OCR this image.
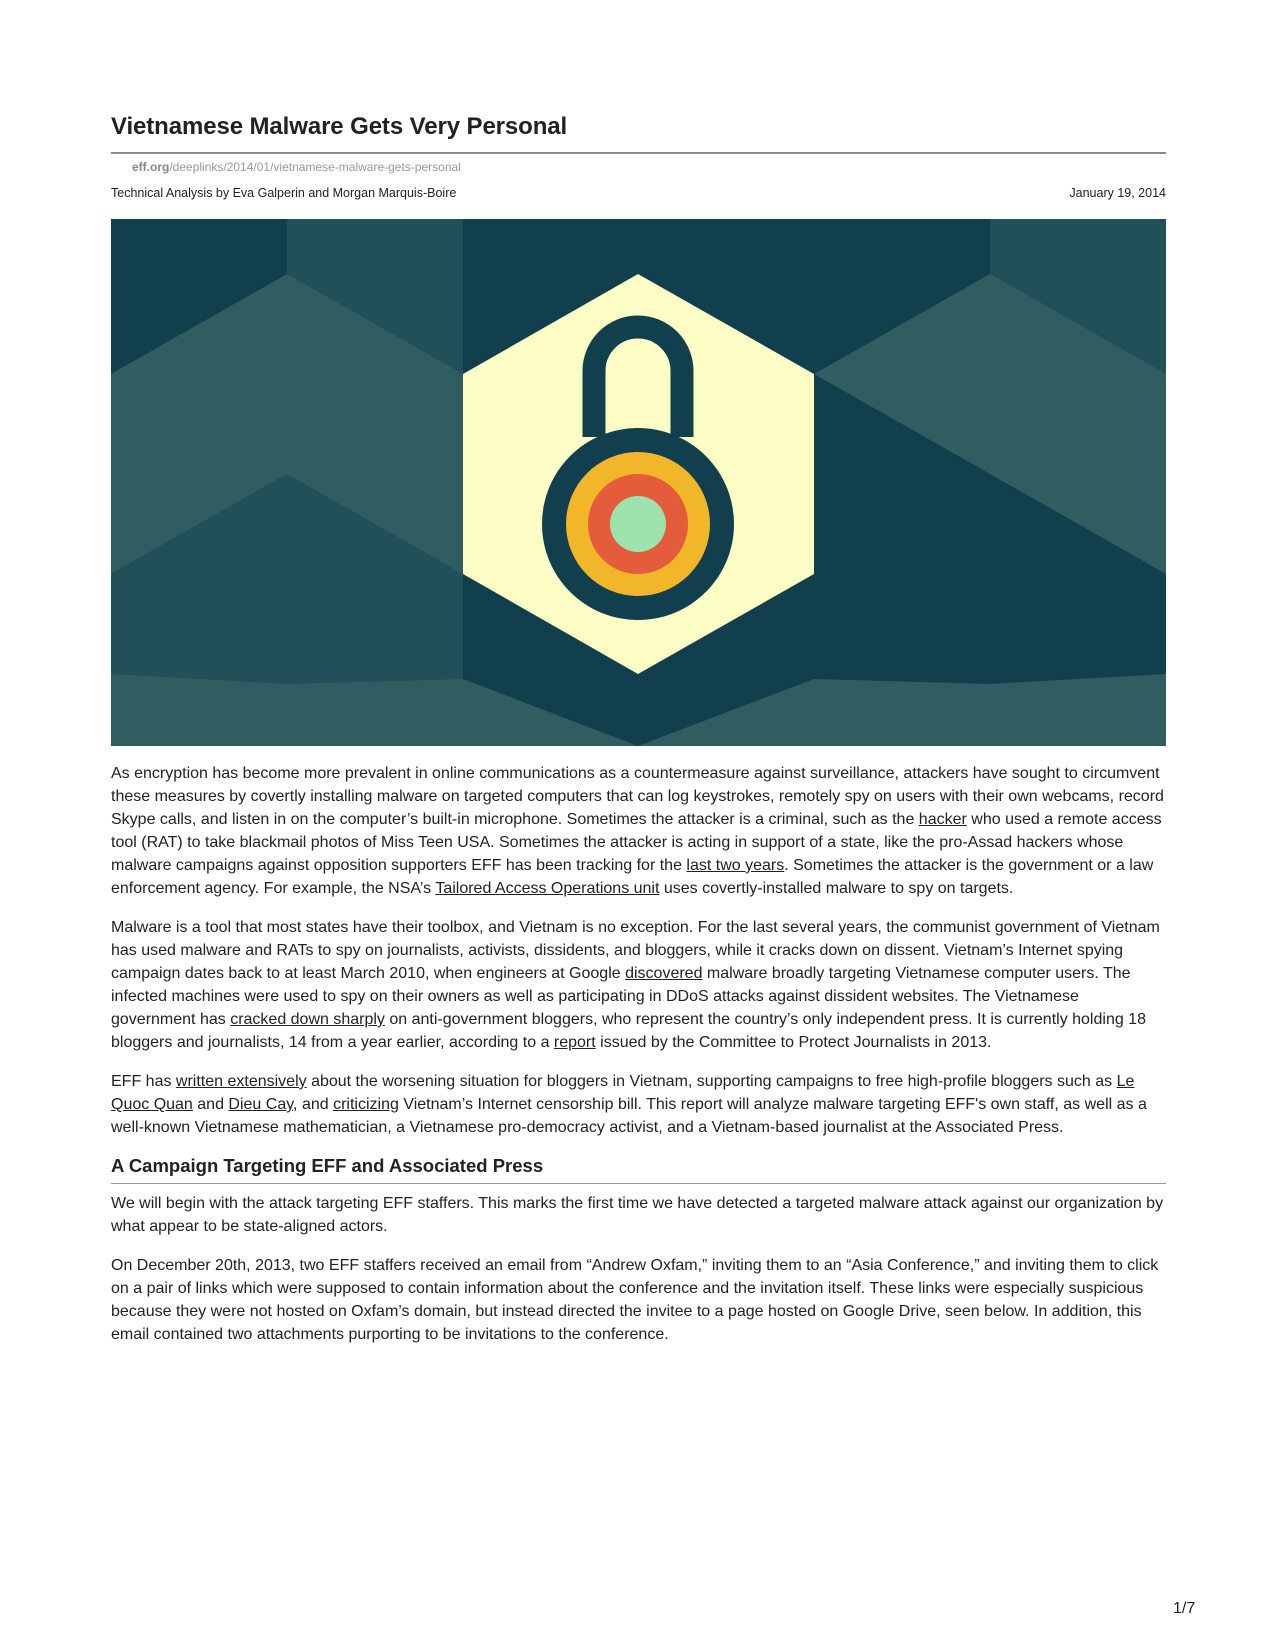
Vietnamese Malware Gets Very Personal
eff.org/deeplinks/2014/01/vietnamese-malware-gets-personal
Technical Analysis by Eva Galperin and Morgan Marquis-Boire	January 19, 2014

As encryption has become more prevalent in online communications as a countermeasure against surveillance, attackers have sought to circumvent these measures by covertly installing malware on targeted computers that can log keystrokes, remotely spy on users with their own webcams, record Skype calls, and listen in on the computer’s built-in microphone. Sometimes the attacker is a criminal, such as the hacker who used a remote access tool (RAT) to take blackmail photos of Miss Teen USA. Sometimes the attacker is acting in support of a state, like the pro-Assad hackers whose malware campaigns against opposition supporters EFF has been tracking for the last two years. Sometimes the attacker is the government or a law enforcement agency. For example, the NSA’s Tailored Access Operations unit uses covertly-installed malware to spy on targets.

Malware is a tool that most states have their toolbox, and Vietnam is no exception. For the last several years, the communist government of Vietnam has used malware and RATs to spy on journalists, activists, dissidents, and bloggers, while it cracks down on dissent. Vietnam’s Internet spying campaign dates back to at least March 2010, when engineers at Google discovered malware broadly targeting Vietnamese computer users. The infected machines were used to spy on their owners as well as participating in DDoS attacks against dissident websites. The Vietnamese government has cracked down sharply on anti-government bloggers, who represent the country’s only independent press. It is currently holding 18 bloggers and journalists, 14 from a year earlier, according to a report issued by the Committee to Protect Journalists in 2013.

EFF has written extensively about the worsening situation for bloggers in Vietnam, supporting campaigns to free high-profile bloggers such as Le Quoc Quan and Dieu Cay, and criticizing Vietnam’s Internet censorship bill. This report will analyze malware targeting EFF's own staff, as well as a well-known Vietnamese mathematician, a Vietnamese pro-democracy activist, and a Vietnam-based journalist at the Associated Press.

A Campaign Targeting EFF and Associated Press

We will begin with the attack targeting EFF staffers. This marks the first time we have detected a targeted malware attack against our organization by what appear to be state-aligned actors.

On December 20th, 2013, two EFF staffers received an email from “Andrew Oxfam,” inviting them to an “Asia Conference,” and inviting them to click on a pair of links which were supposed to contain information about the conference and the invitation itself. These links were especially suspicious because they were not hosted on Oxfam’s domain, but instead directed the invitee to a page hosted on Google Drive, seen below. In addition, this email contained two attachments purporting to be invitations to the conference.

1/7
